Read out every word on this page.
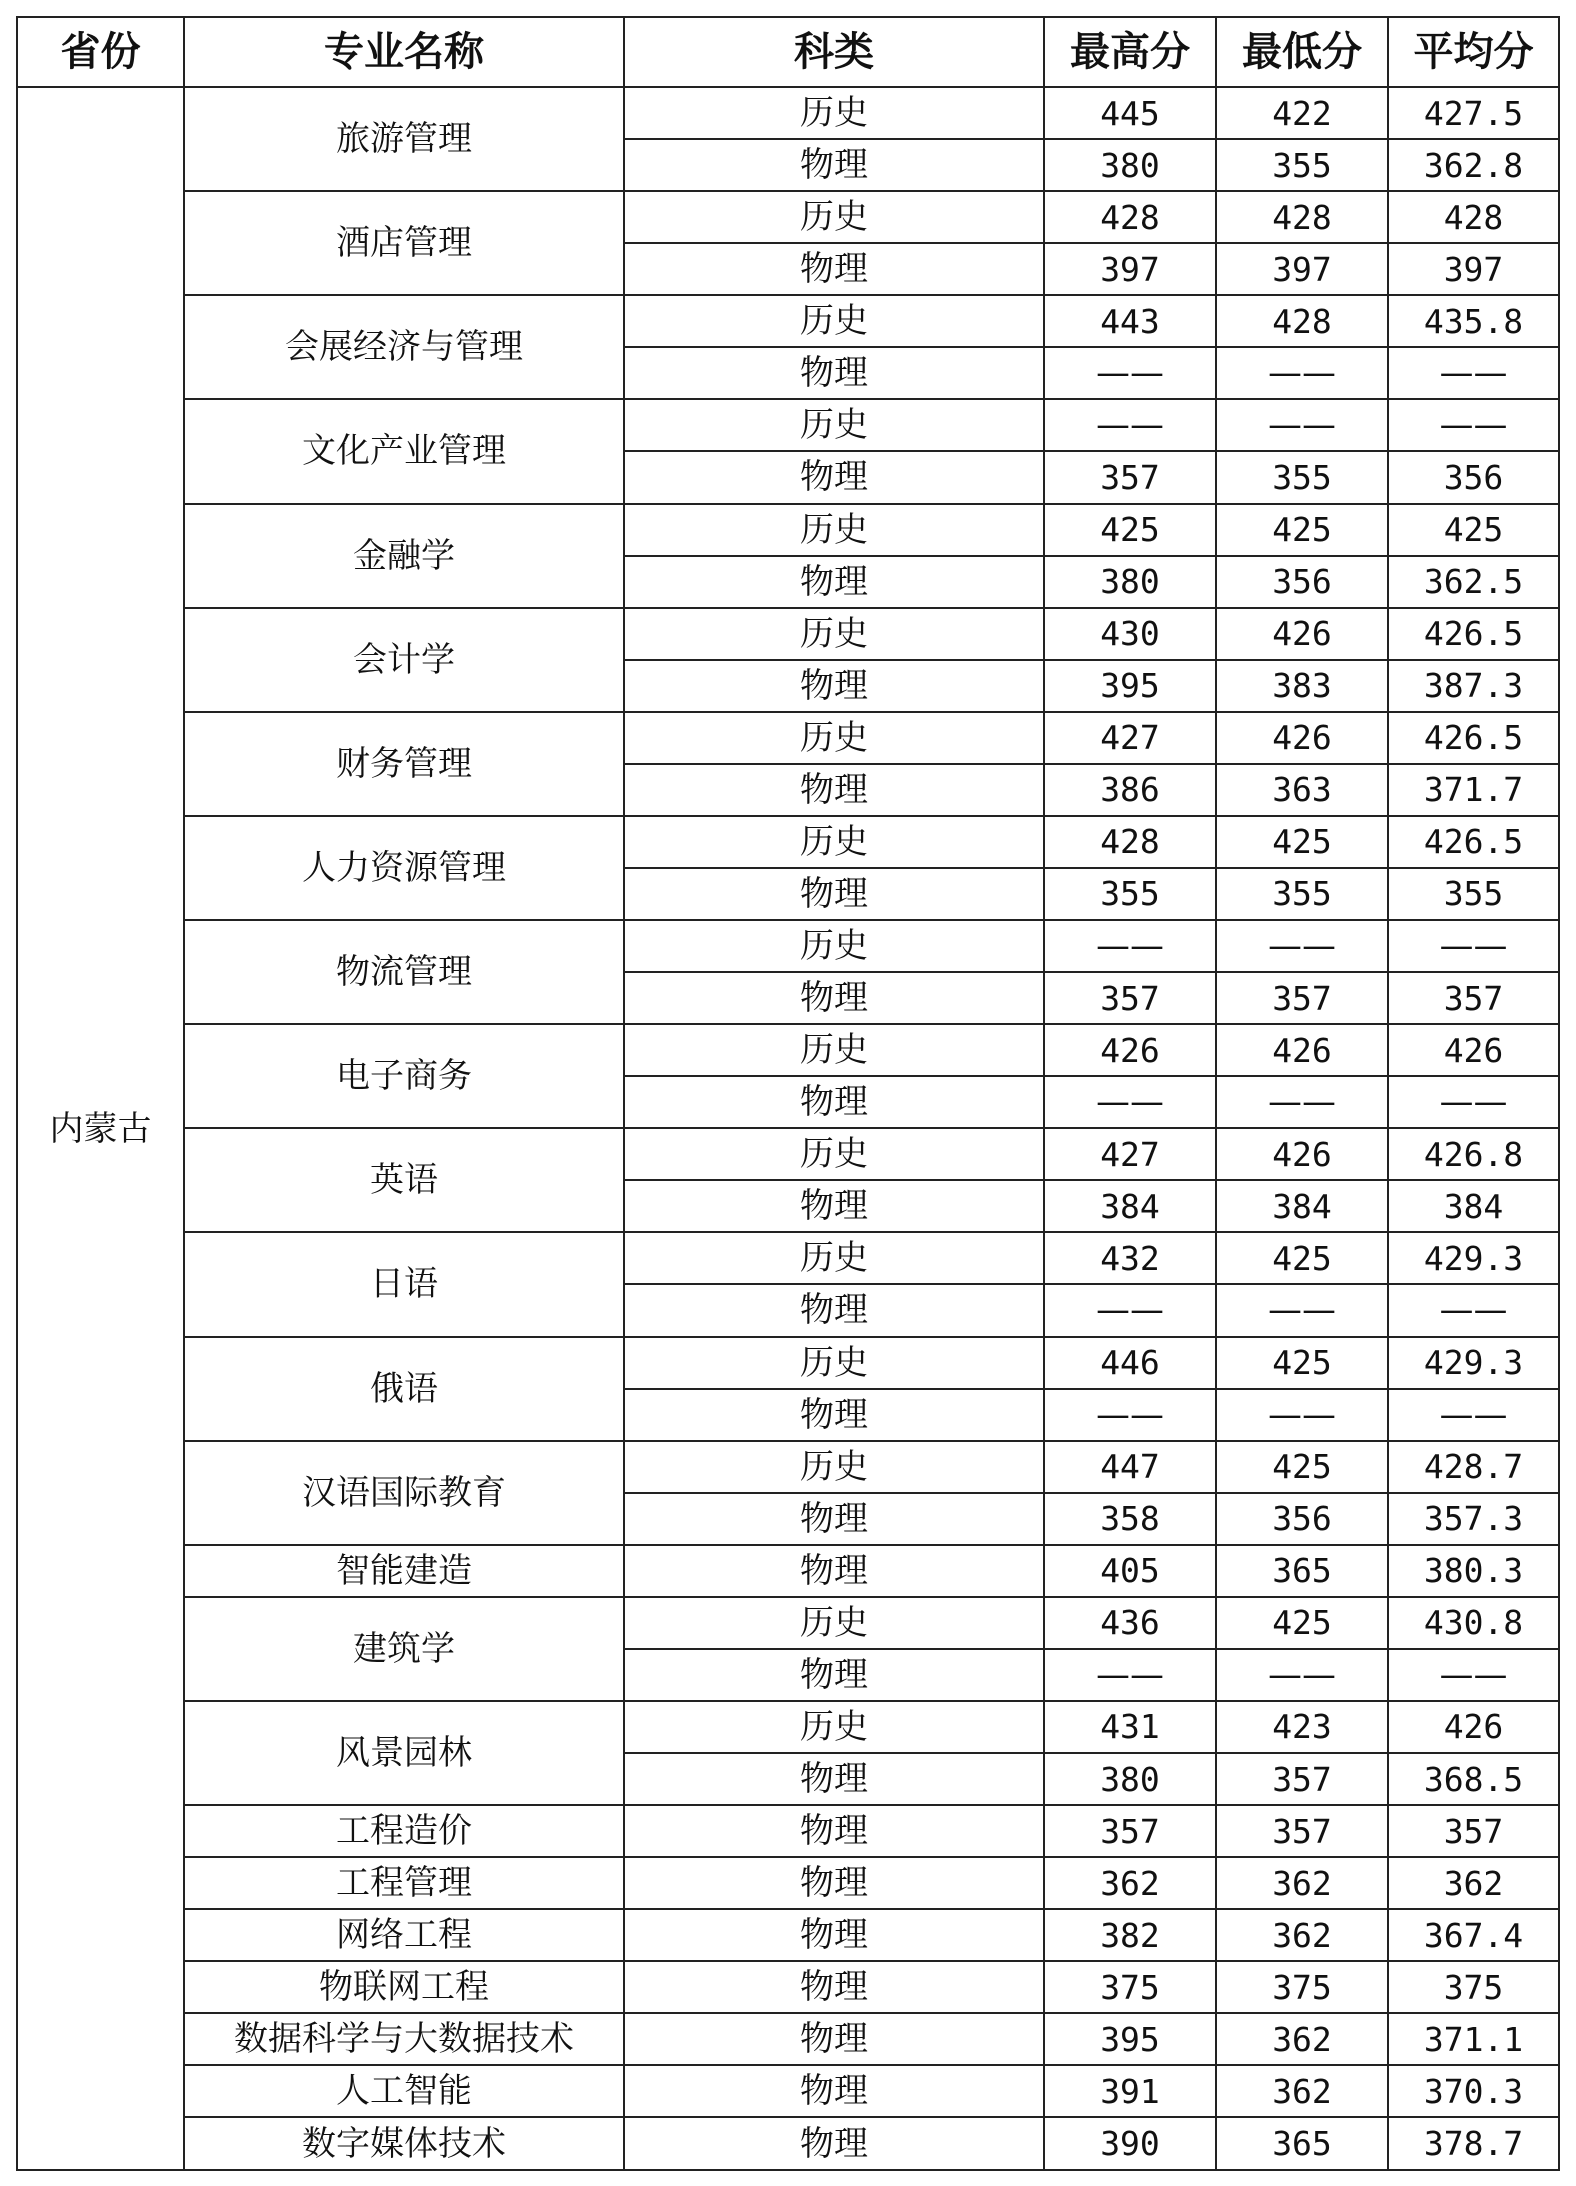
省份	专业名称	科类	最高分	最低分	平均分
内蒙古	旅游管理	历史	445	422	427.5
		物理	380	355	362.8
	酒店管理	历史	428	428	428
		物理	397	397	397
	会展经济与管理	历史	443	428	435.8
		物理	——	——	——
	文化产业管理	历史	——	——	——
		物理	357	355	356
	金融学	历史	425	425	425
		物理	380	356	362.5
	会计学	历史	430	426	426.5
		物理	395	383	387.3
	财务管理	历史	427	426	426.5
		物理	386	363	371.7
	人力资源管理	历史	428	425	426.5
		物理	355	355	355
	物流管理	历史	——	——	——
		物理	357	357	357
	电子商务	历史	426	426	426
		物理	——	——	——
	英语	历史	427	426	426.8
		物理	384	384	384
	日语	历史	432	425	429.3
		物理	——	——	——
	俄语	历史	446	425	429.3
		物理	——	——	——
	汉语国际教育	历史	447	425	428.7
		物理	358	356	357.3
	智能建造	物理	405	365	380.3
	建筑学	历史	436	425	430.8
		物理	——	——	——
	风景园林	历史	431	423	426
		物理	380	357	368.5
	工程造价	物理	357	357	357
	工程管理	物理	362	362	362
	网络工程	物理	382	362	367.4
	物联网工程	物理	375	375	375
	数据科学与大数据技术	物理	395	362	371.1
	人工智能	物理	391	362	370.3
	数字媒体技术	物理	390	365	378.7
